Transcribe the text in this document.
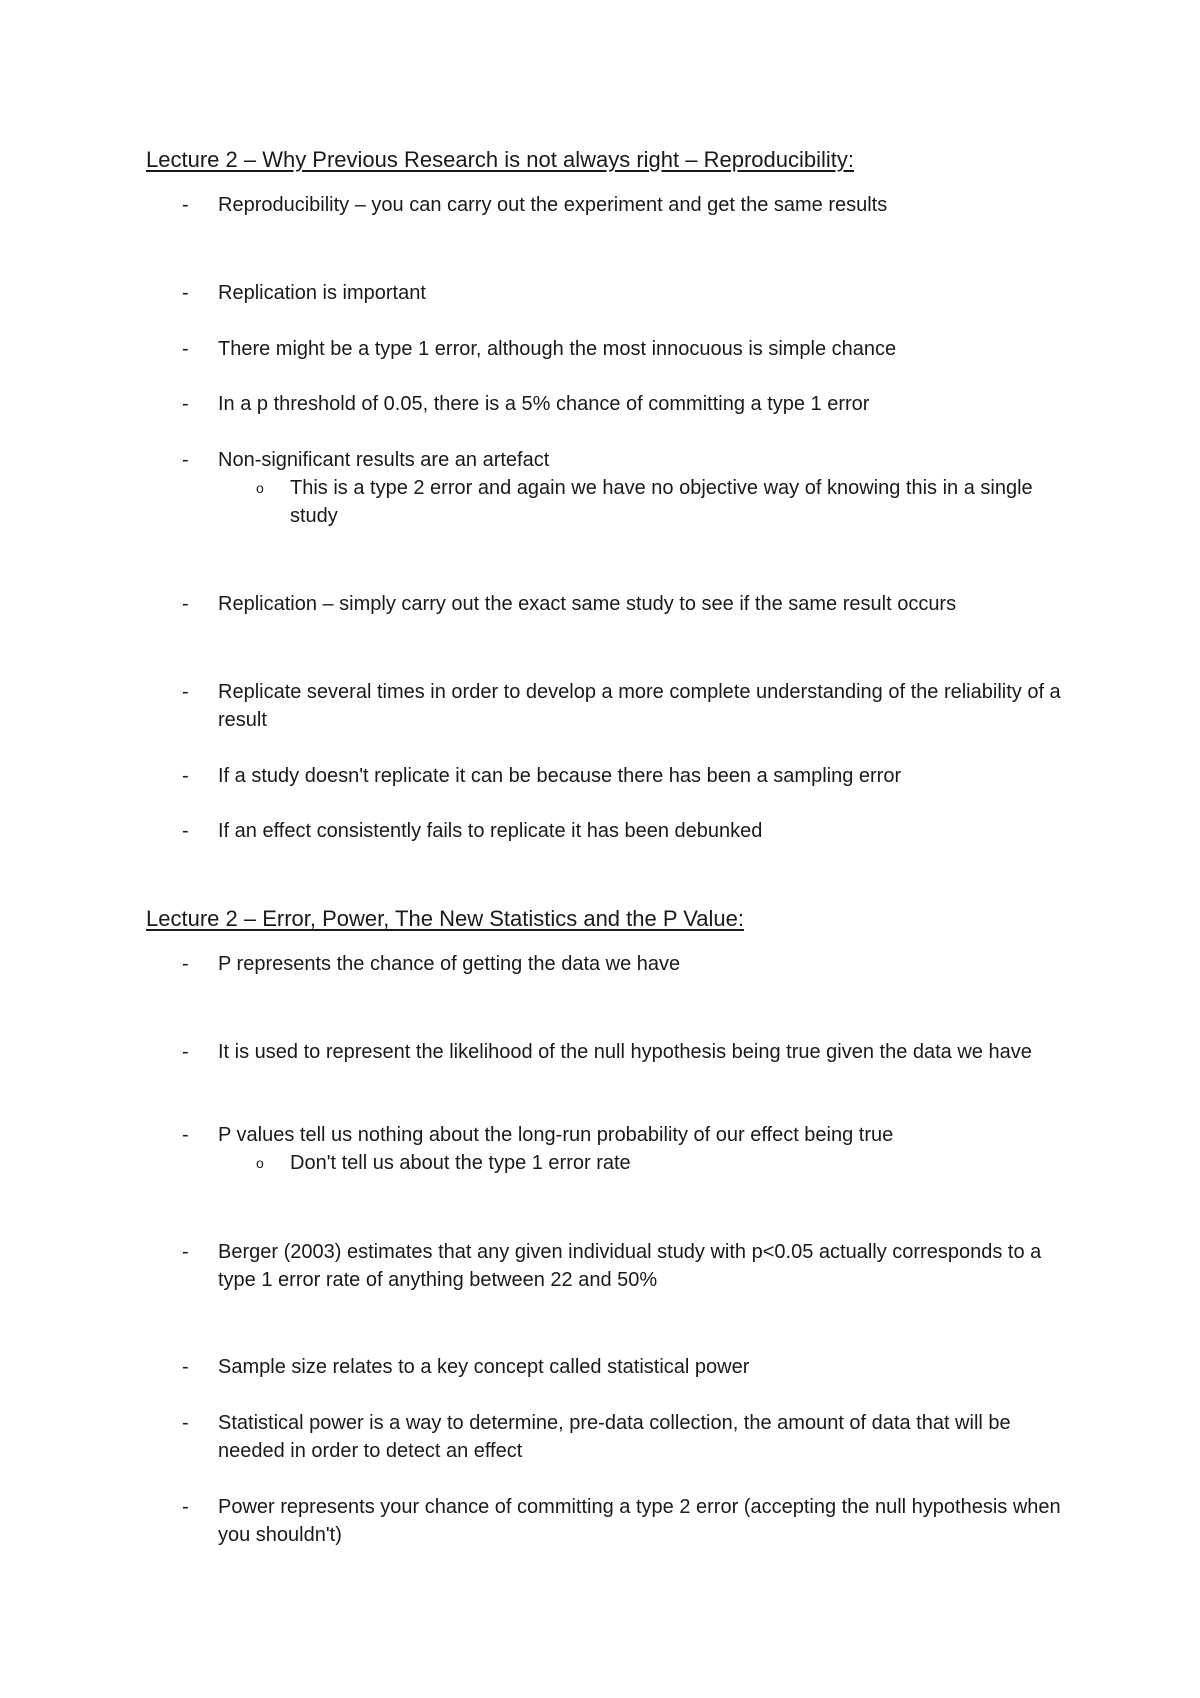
Lecture 2 – Why Previous Research is not always right – Reproducibility:
- Reproducibility – you can carry out the experiment and get the same results
- Replication is important
- There might be a type 1 error, although the most innocuous is simple chance
- In a p threshold of 0.05, there is a 5% chance of committing a type 1 error
- Non-significant results are an artefact
o This is a type 2 error and again we have no objective way of knowing this in a single study
- Replication – simply carry out the exact same study to see if the same result occurs
- Replicate several times in order to develop a more complete understanding of the reliability of a result
- If a study doesn't replicate it can be because there has been a sampling error
- If an effect consistently fails to replicate it has been debunked
Lecture 2 – Error, Power, The New Statistics and the P Value:
- P represents the chance of getting the data we have
- It is used to represent the likelihood of the null hypothesis being true given the data we have
- P values tell us nothing about the long-run probability of our effect being true
o Don't tell us about the type 1 error rate
- Berger (2003) estimates that any given individual study with p<0.05 actually corresponds to a type 1 error rate of anything between 22 and 50%
- Sample size relates to a key concept called statistical power
- Statistical power is a way to determine, pre-data collection, the amount of data that will be needed in order to detect an effect
- Power represents your chance of committing a type 2 error (accepting the null hypothesis when you shouldn't)
